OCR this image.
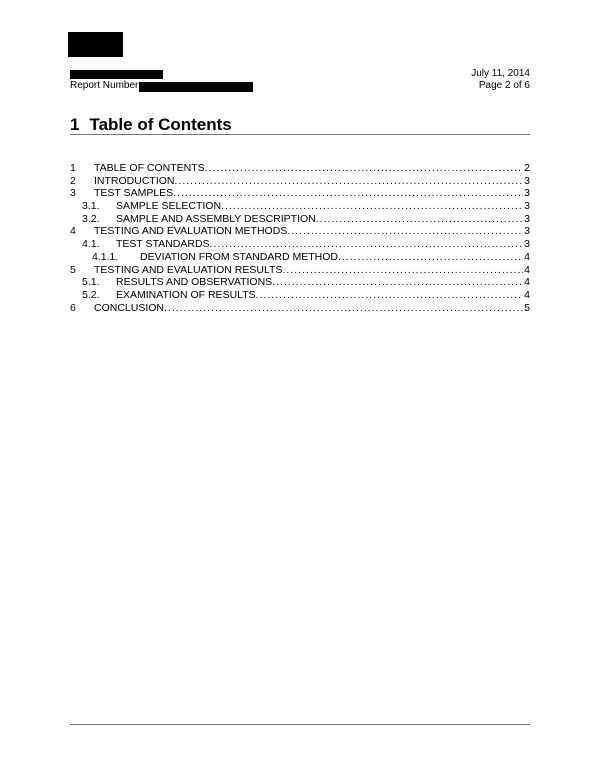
Report Number
July 11, 2014
Page 2 of 6
1 Table of Contents
1	TABLE OF CONTENTS .....	2
2	INTRODUCTION .....	3
3	TEST SAMPLES .....	3
3.1.	SAMPLE SELECTION .....	3
3.2.	SAMPLE AND ASSEMBLY DESCRIPTION .....	3
4	TESTING AND EVALUATION METHODS .....	3
4.1.	TEST STANDARDS .....	3
4.1.1.	DEVIATION FROM STANDARD METHOD .....	4
5	TESTING AND EVALUATION RESULTS .....	4
5.1.	RESULTS AND OBSERVATIONS .....	4
5.2.	EXAMINATION OF RESULTS .....	4
6	CONCLUSION .....	5
